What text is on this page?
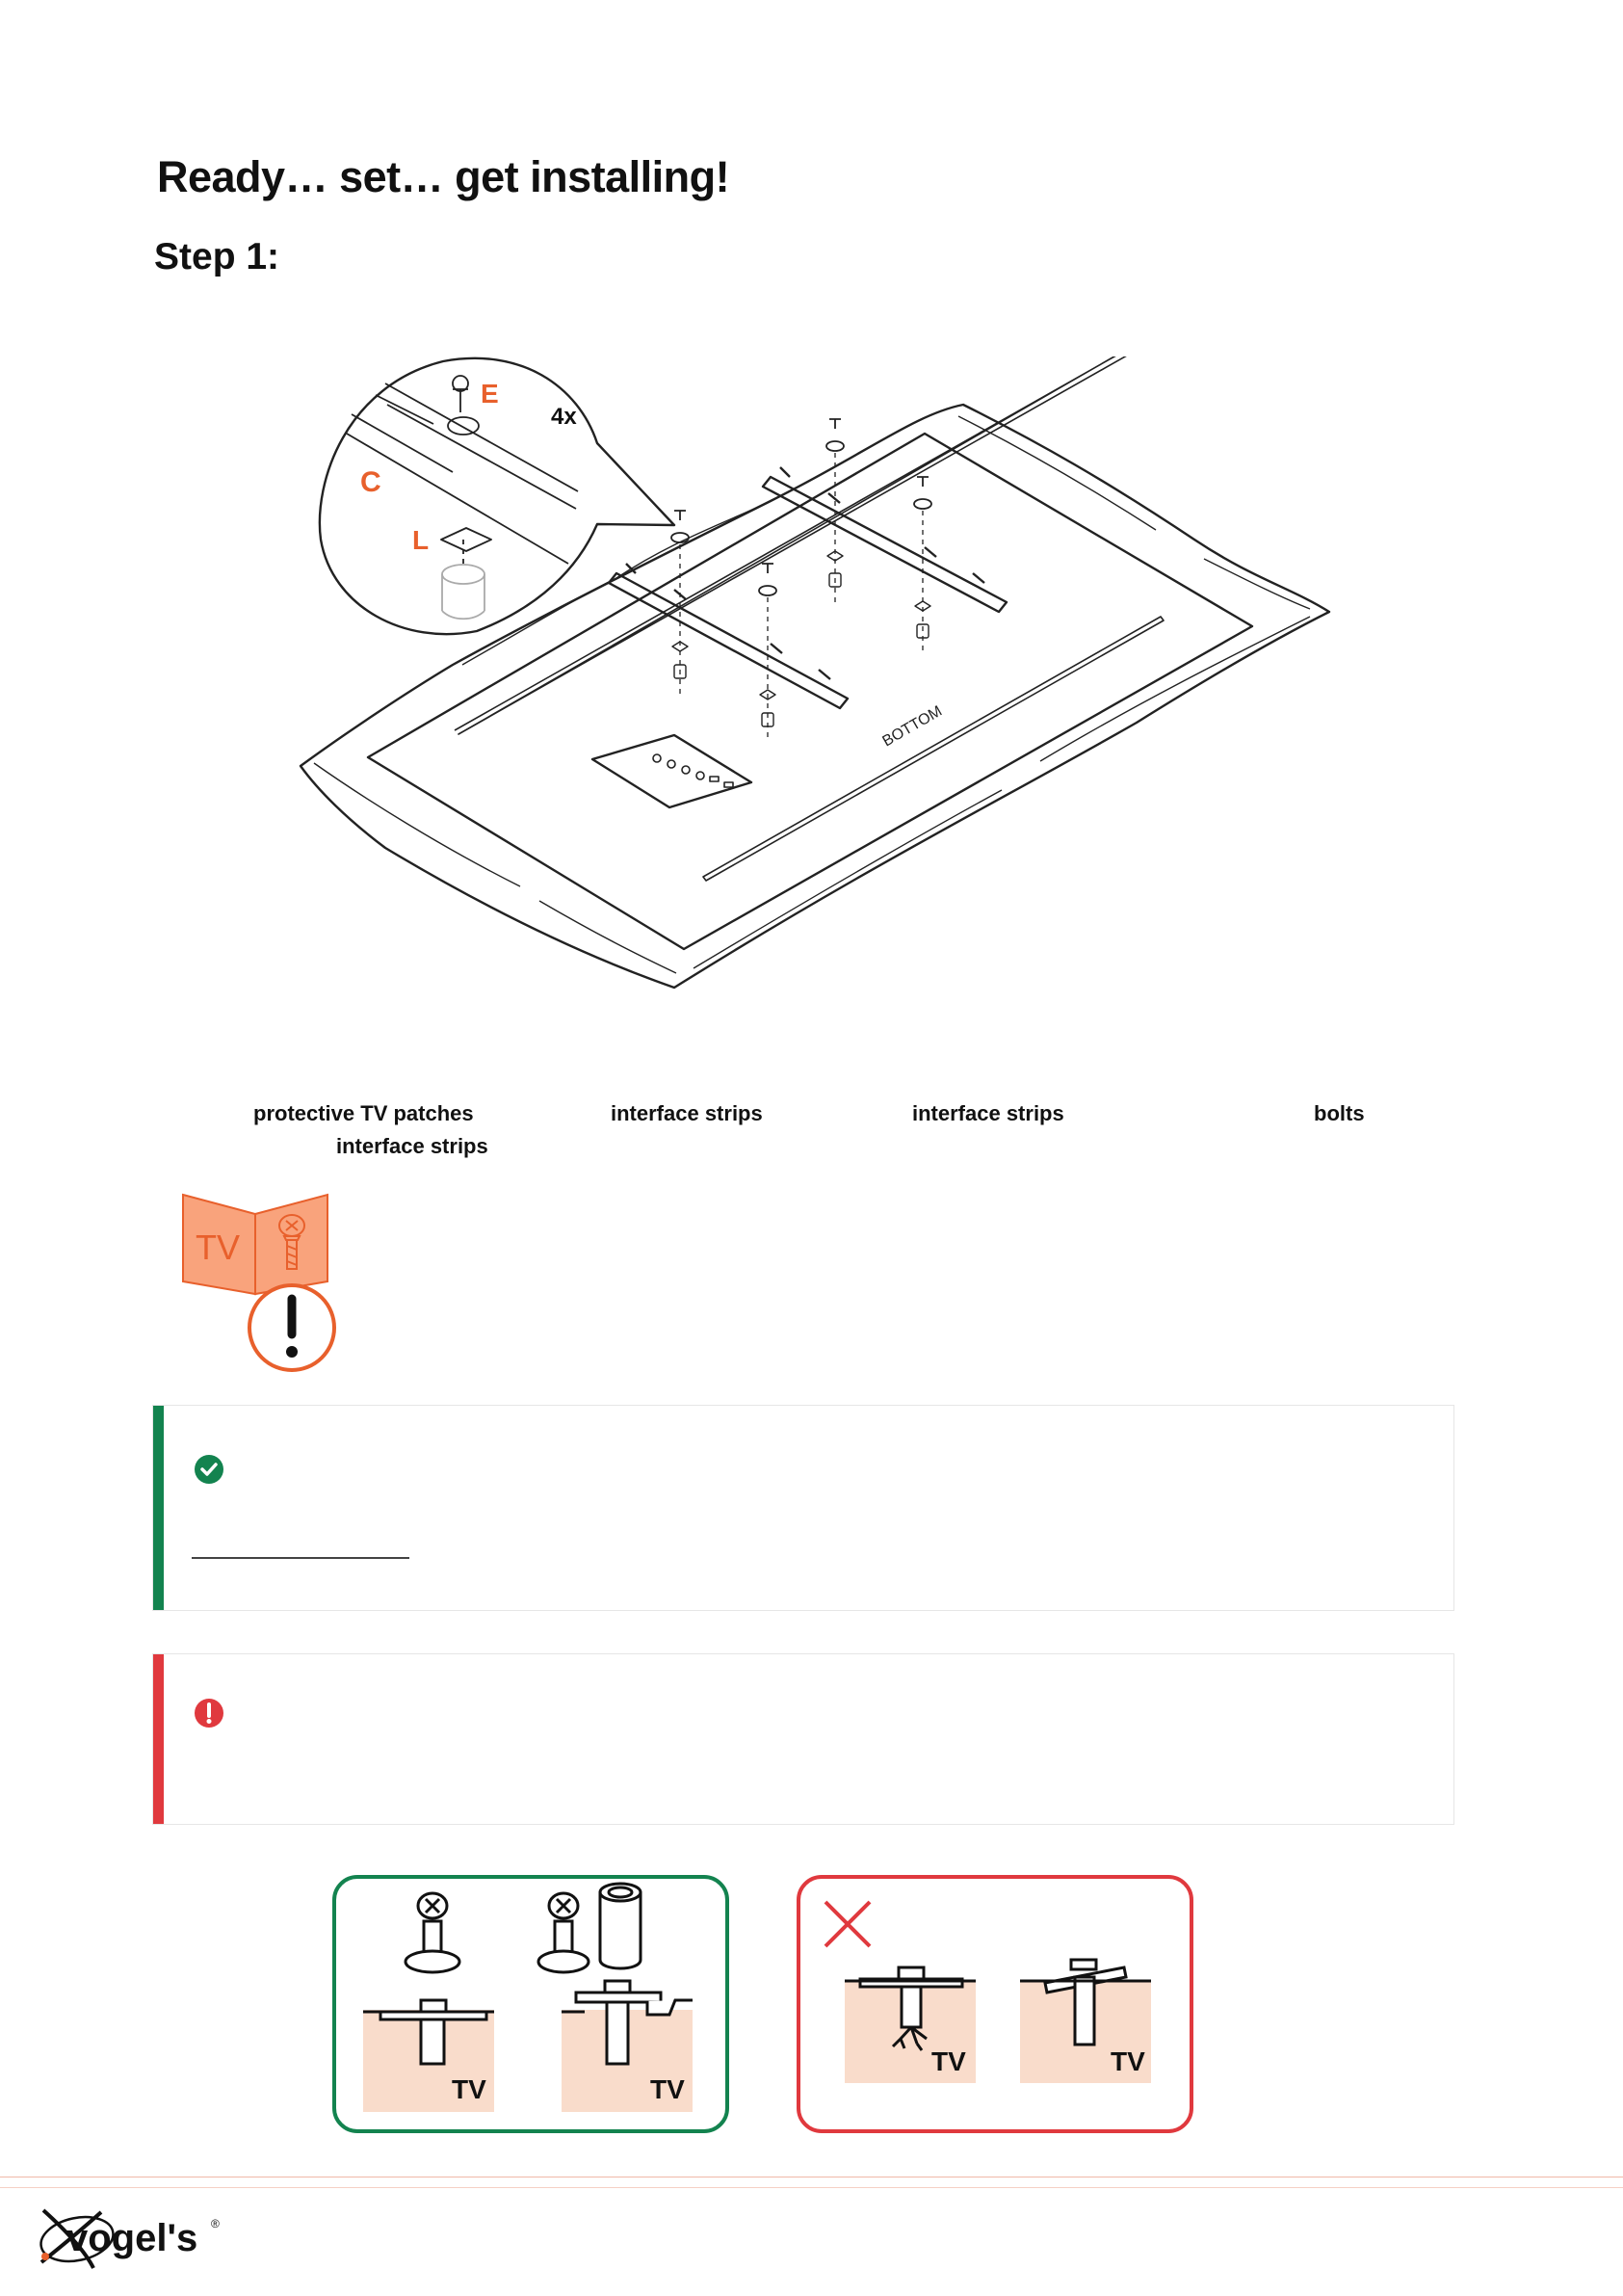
Ready… set… get installing!
Step 1:
E
4x
C
L
BOTTOM
protective TV patches
interface strips
interface strips	interface strips	bolts
TV
TV	TV
TV	TV
vogel's ®
